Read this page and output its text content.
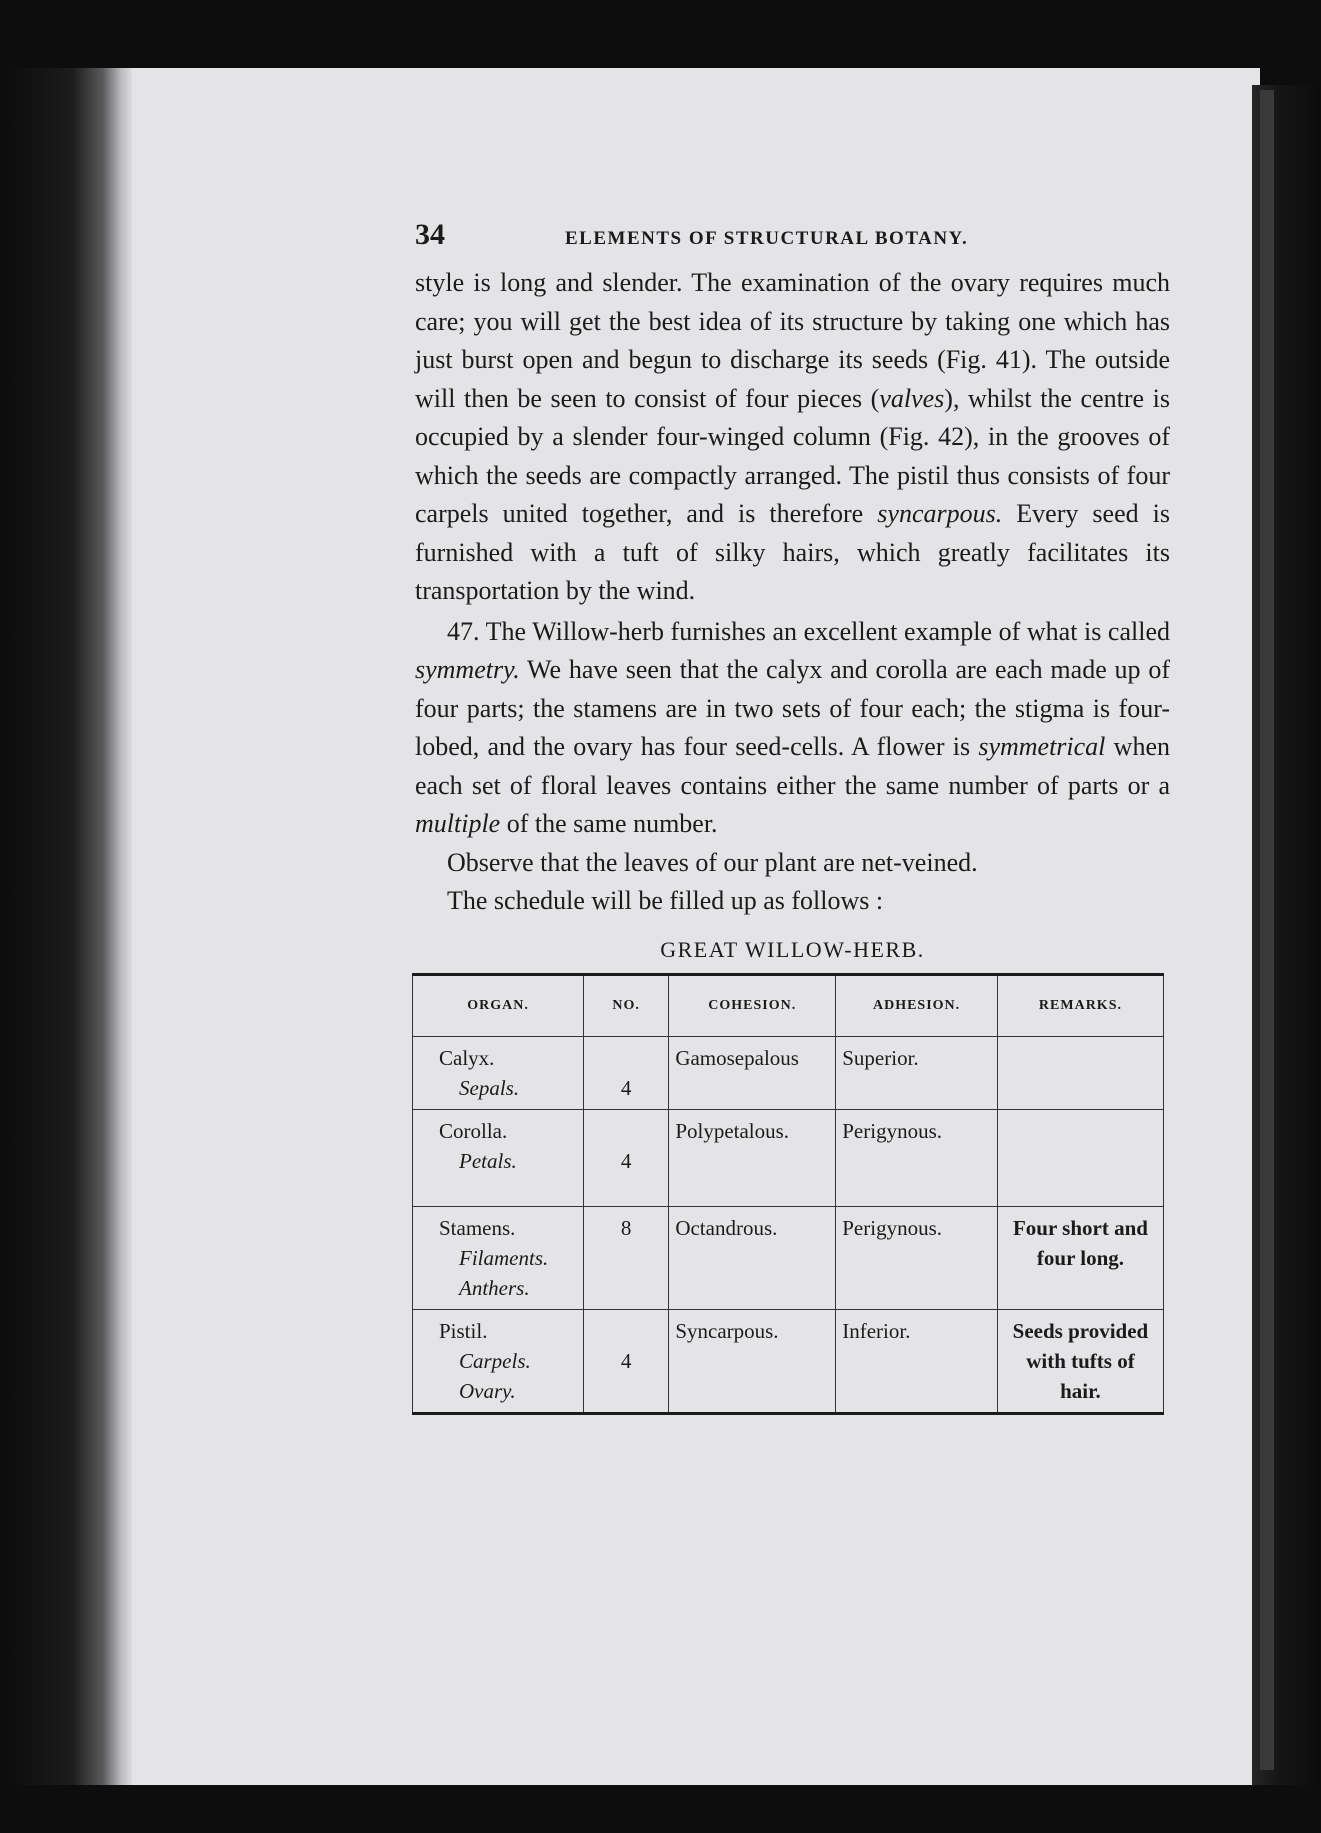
34	ELEMENTS OF STRUCTURAL BOTANY.

style is long and slender. The examination of the ovary requires much care; you will get the best idea of its structure by taking one which has just burst open and begun to discharge its seeds (Fig. 41). The outside will then be seen to consist of four pieces (valves), whilst the centre is occupied by a slender four-winged column (Fig. 42), in the grooves of which the seeds are compactly arranged. The pistil thus consists of four carpels united together, and is therefore syncarpous. Every seed is furnished with a tuft of silky hairs, which greatly facilitates its transportation by the wind.

47. The Willow-herb furnishes an excellent example of what is called symmetry. We have seen that the calyx and corolla are each made up of four parts; the stamens are in two sets of four each; the stigma is four-lobed, and the ovary has four seed-cells. A flower is symmetrical when each set of floral leaves contains either the same number of parts or a multiple of the same number.

Observe that the leaves of our plant are net-veined.

The schedule will be filled up as follows :

GREAT WILLOW-HERB.
ORGAN.	NO.	COHESION.	ADHESION.	REMARKS.

Calyx.
Sepals.	4	Gamosepalous	Superior.	

Corolla.
Petals.	4	Polypetalous.	Perigynous.	

Stamens.
Filaments.
Anthers.	8	Octandrous.	Perigynous.	Four short and four long.

Pistil.
Carpels.
Ovary.	4	Syncarpous.	Inferior.	Seeds provided with tufts of hair.
